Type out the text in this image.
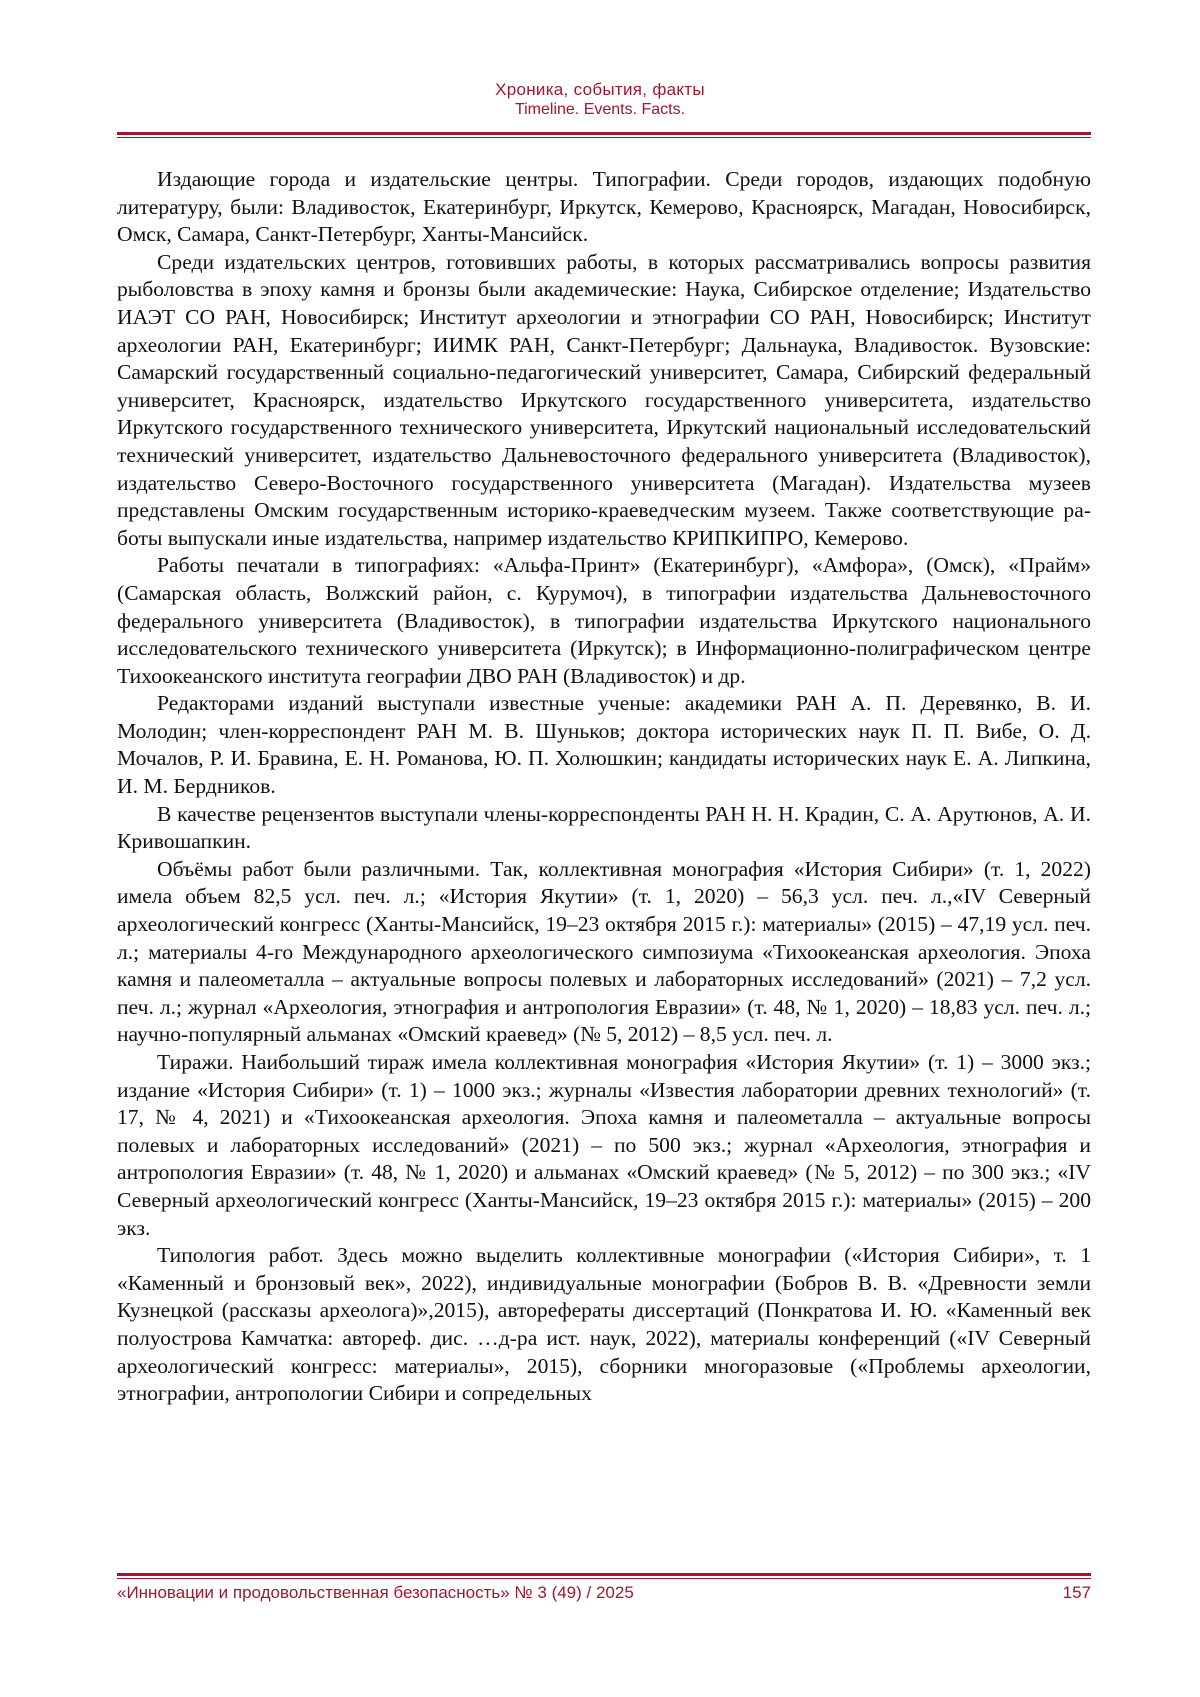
Хроника, события, факты
Timeline. Events. Facts.

Издающие города и издательские центры. Типографии. Среди городов, издающих подобную литературу, были: Владивосток, Екатеринбург, Иркутск, Кемерово, Красноярск, Магадан, Новосибирск, Омск, Самара, Санкт-Петербург, Ханты-Мансийск.

Среди издательских центров, готовивших работы, в которых рассматривались вопросы развития рыболовства в эпоху камня и бронзы были академические: Наука, Сибирское отделение; Издательство ИАЭТ СО РАН, Новосибирск; Институт археологии и этнографии СО РАН, Новосибирск; Институт археологии РАН, Екатеринбург; ИИМК РАН, Санкт-Петербург; Дальнаука, Владивосток. Вузовские: Самарский государственный социально-педагогический университет, Самара, Сибирский федеральный университет, Красноярск, издательство Иркутского государственного университета, издательство Иркутского государственного технического университета, Иркутский национальный исследовательский технический университет, издательство Дальневосточного федерального университета (Владивосток), издательство Северо-Восточного государственного университета (Магадан). Издательства музеев представлены Омским государственным историко-краеведческим музеем. Также соответствующие работы выпускали иные издательства, например издательство КРИПКИПРО, Кемерово.

Работы печатали в типографиях: «Альфа-Принт» (Екатеринбург), «Амфора», (Омск), «Прайм» (Самарская область, Волжский район, с. Курумоч), в типографии издательства Дальневосточного федерального университета (Владивосток), в типографии издательства Иркутского национального исследовательского технического университета (Иркутск); в Информационно-полиграфическом центре Тихоокеанского института географии ДВО РАН (Владивосток) и др.

Редакторами изданий выступали известные ученые: академики РАН А. П. Деревянко, В. И. Молодин; член-корреспондент РАН М. В. Шуньков; доктора исторических наук П. П. Вибе, О. Д. Мочалов, Р. И. Бравина, Е. Н. Романова, Ю. П. Холюшкин; кандидаты исторических наук Е. А. Липкина, И. М. Бердников.

В качестве рецензентов выступали члены-корреспонденты РАН Н. Н. Крадин, С. А. Арутюнов, А. И. Кривошапкин.

Объёмы работ были различными. Так, коллективная монография «История Сибири» (т. 1, 2022) имела объем 82,5 усл. печ. л.; «История Якутии» (т. 1, 2020) – 56,3 усл. печ. л.,«IV Северный археологический конгресс (Ханты-Мансийск, 19–23 октября 2015 г.): материалы» (2015) – 47,19 усл. печ. л.; материалы 4-го Международного археологического симпозиума «Тихоокеанская археология. Эпоха камня и палеометалла – актуальные вопросы полевых и лабораторных исследований» (2021) – 7,2 усл. печ. л.; журнал «Археология, этнография и антропология Евразии» (т. 48, № 1, 2020) – 18,83 усл. печ. л.; научно-популярный альманах «Омский краевед» (№ 5, 2012) – 8,5 усл. печ. л.

Тиражи. Наибольший тираж имела коллективная монография «История Якутии» (т. 1) – 3000 экз.; издание «История Сибири» (т. 1) – 1000 экз.; журналы «Известия лаборатории древних технологий» (т. 17, № 4, 2021) и «Тихоокеанская археология. Эпоха камня и палеометалла – актуальные вопросы полевых и лабораторных исследований» (2021) – по 500 экз.; журнал «Археология, этнография и антропология Евразии» (т. 48, № 1, 2020) и альманах «Омский краевед» (№ 5, 2012) – по 300 экз.; «IV Северный археологический конгресс (Ханты-Мансийск, 19–23 октября 2015 г.): материалы» (2015) – 200 экз.

Типология работ. Здесь можно выделить коллективные монографии («История Сибири», т. 1 «Каменный и бронзовый век», 2022), индивидуальные монографии (Бобров В. В. «Древности земли Кузнецкой (рассказы археолога)»,2015), авторефераты диссертаций (Понкратова И. Ю. «Каменный век полуострова Камчатка: автореф. дис. …д-ра ист. наук, 2022), материалы конференций («IV Северный археологический конгресс: материалы», 2015), сборники многоразовые («Проблемы археологии, этнографии, антропологии Сибири и сопредельных

«Инновации и продовольственная безопасность» № 3 (49) / 2025	157
